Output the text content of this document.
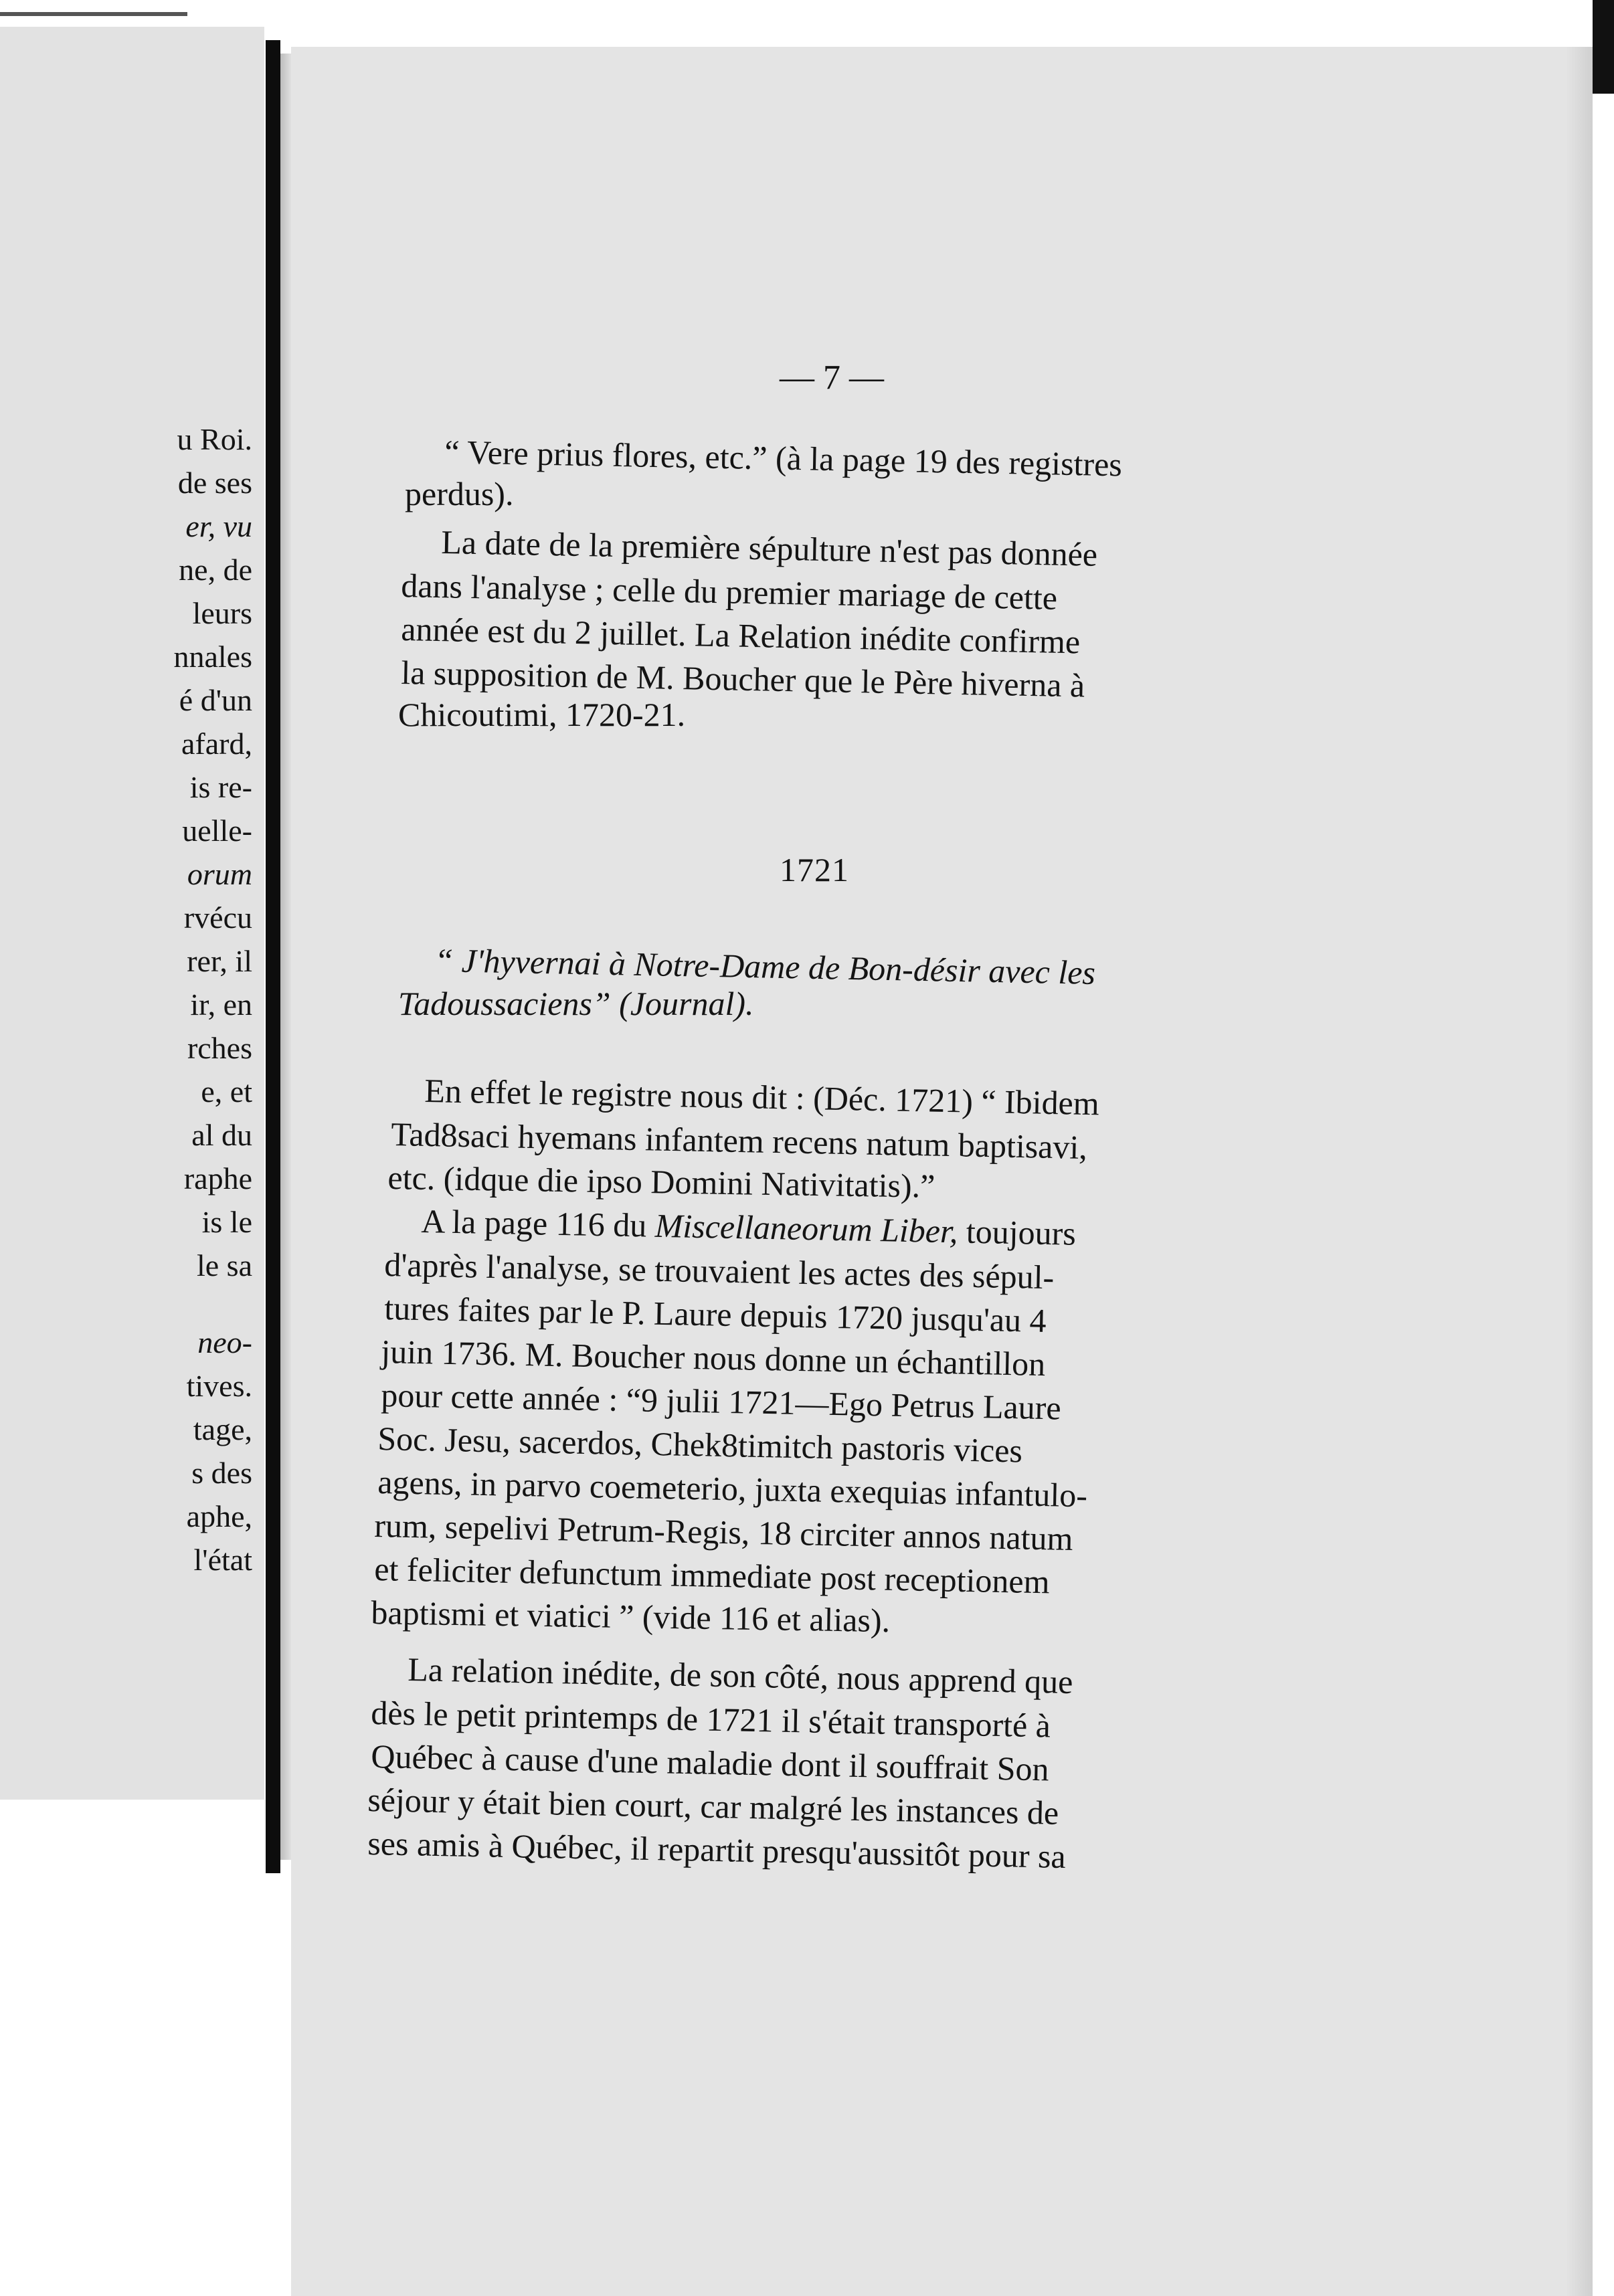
u Roi.
de ses
er, vu
ne, de
leurs
nnales
é d'un
afard,
is re-
uelle-
orum
rvécu
rer, il
ir, en
rches
e, et
al du
raphe
is le
le sa
neo-
tives.
tage,
s des
aphe,
l'état
— 7 —
“ Vere prius flores, etc.” (à la page 19 des registres
perdus).
La date de la première sépulture n'est pas donnée
dans l'analyse ; celle du premier mariage de cette
année est du 2 juillet. La Relation inédite confirme
la supposition de M. Boucher que le Père hiverna à
Chicoutimi, 1720-21.
1721
“ J'hyvernai à Notre-Dame de Bon-désir avec les
Tadoussaciens” (Journal).
En effet le registre nous dit : (Déc. 1721) “ Ibidem
Tad8saci hyemans infantem recens natum baptisavi,
etc. (idque die ipso Domini Nativitatis).”
A la page 116 du Miscellaneorum Liber, toujours
d'après l'analyse, se trouvaient les actes des sépul-
tures faites par le P. Laure depuis 1720 jusqu'au 4
juin 1736. M. Boucher nous donne un échantillon
pour cette année : “9 julii 1721—Ego Petrus Laure
Soc. Jesu, sacerdos, Chek8timitch pastoris vices
agens, in parvo coemeterio, juxta exequias infantulo-
rum, sepelivi Petrum-Regis, 18 circiter annos natum
et feliciter defunctum immediate post receptionem
baptismi et viatici ” (vide 116 et alias).
La relation inédite, de son côté, nous apprend que
dès le petit printemps de 1721 il s'était transporté à
Québec à cause d'une maladie dont il souffrait Son
séjour y était bien court, car malgré les instances de
ses amis à Québec, il repartit presqu'aussitôt pour sa
